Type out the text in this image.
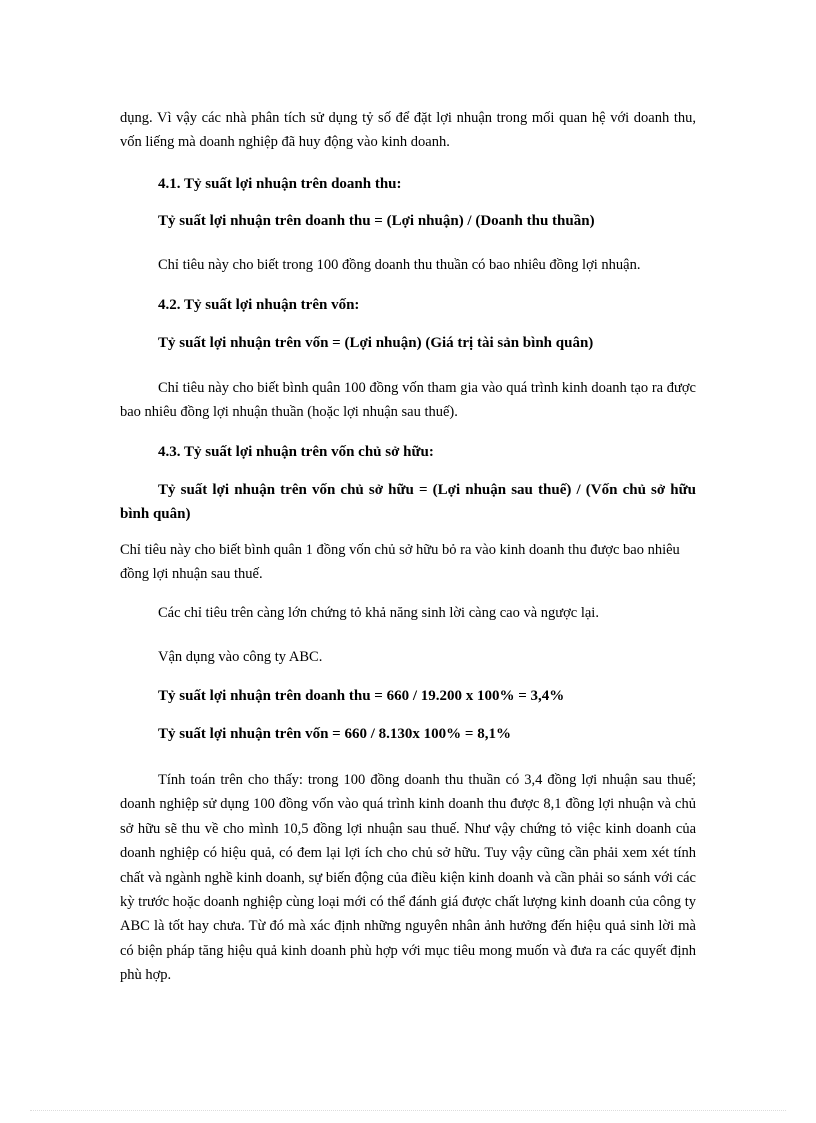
dụng. Vì vậy các nhà phân tích sử dụng tỷ số để đặt lợi nhuận trong mối quan hệ với doanh thu, vốn liếng mà doanh nghiệp đã huy động vào kinh doanh.

4.1. Tỷ suất lợi nhuận trên doanh thu:

Tỷ suất lợi nhuận trên doanh thu = (Lợi nhuận) / (Doanh thu thuần)

Chỉ tiêu này cho biết trong 100 đồng doanh thu thuần có bao nhiêu đồng lợi nhuận.

4.2. Tỷ suất lợi nhuận trên vốn:

Tỷ suất lợi nhuận trên vốn = (Lợi nhuận) (Giá trị tài sản bình quân)

Chỉ tiêu này cho biết bình quân 100 đồng vốn tham gia vào quá trình kinh doanh tạo ra được bao nhiêu đồng lợi nhuận thuần (hoặc lợi nhuận sau thuế).

4.3. Tỷ suất lợi nhuận trên vốn chủ sở hữu:

Tỷ suất lợi nhuận trên vốn chủ sở hữu = (Lợi nhuận sau thuế) / (Vốn chủ sở hữu bình quân)

Chỉ tiêu này cho biết bình quân 1 đồng vốn chủ sở hữu bỏ ra vào kinh doanh thu được bao nhiêu đồng lợi nhuận sau thuế.

Các chỉ tiêu trên càng lớn chứng tỏ khả năng sinh lời càng cao và ngược lại.

Vận dụng vào công ty ABC.

Tỷ suất lợi nhuận trên doanh thu = 660 / 19.200 x 100% = 3,4%

Tỷ suất lợi nhuận trên vốn = 660 / 8.130x 100% = 8,1%

Tính toán trên cho thấy: trong 100 đồng doanh thu thuần có 3,4 đồng lợi nhuận sau thuế; doanh nghiệp sử dụng 100 đồng vốn vào quá trình kinh doanh thu được 8,1 đồng lợi nhuận và chủ sở hữu sẽ thu về cho mình 10,5 đồng lợi nhuận sau thuế. Như vậy chứng tỏ việc kinh doanh của doanh nghiệp có hiệu quả, có đem lại lợi ích cho chủ sở hữu. Tuy vậy cũng cần phải xem xét tính chất và ngành nghề kinh doanh, sự biến động của điều kiện kinh doanh và cần phải so sánh với các kỳ trước hoặc doanh nghiệp cùng loại mới có thể đánh giá được chất lượng kinh doanh của công ty ABC là tốt hay chưa. Từ đó mà xác định những nguyên nhân ảnh hưởng đến hiệu quả sinh lời mà có biện pháp tăng hiệu quả kinh doanh phù hợp với mục tiêu mong muốn và đưa ra các quyết định phù hợp.
